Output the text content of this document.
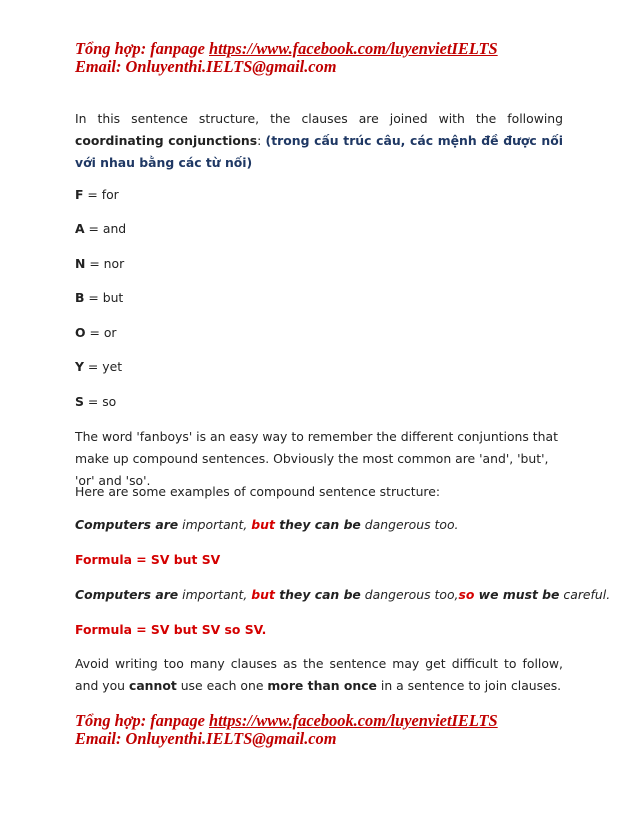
Tổng hợp: fanpage https://www.facebook.com/luyenvietIELTS
Email: Onluyenthi.IELTS@gmail.com

In this sentence structure, the clauses are joined with the following coordinating conjunctions: (trong cấu trúc câu, các mệnh đề được nối với nhau bằng các từ nối)

F = for

A = and

N = nor

B = but

O = or

Y = yet

S = so

The word 'fanboys' is an easy way to remember the different conjuntions that make up compound sentences. Obviously the most common are 'and', 'but', 'or' and 'so'.

Here are some examples of compound sentence structure:

Computers are important, but they can be dangerous too.

Formula = SV but SV

Computers are important, but they can be dangerous too,so we must be careful.

Formula = SV but SV so SV.

Avoid writing too many clauses as the sentence may get difficult to follow, and you cannot use each one more than once in a sentence to join clauses.

Tổng hợp: fanpage https://www.facebook.com/luyenvietIELTS
Email: Onluyenthi.IELTS@gmail.com
